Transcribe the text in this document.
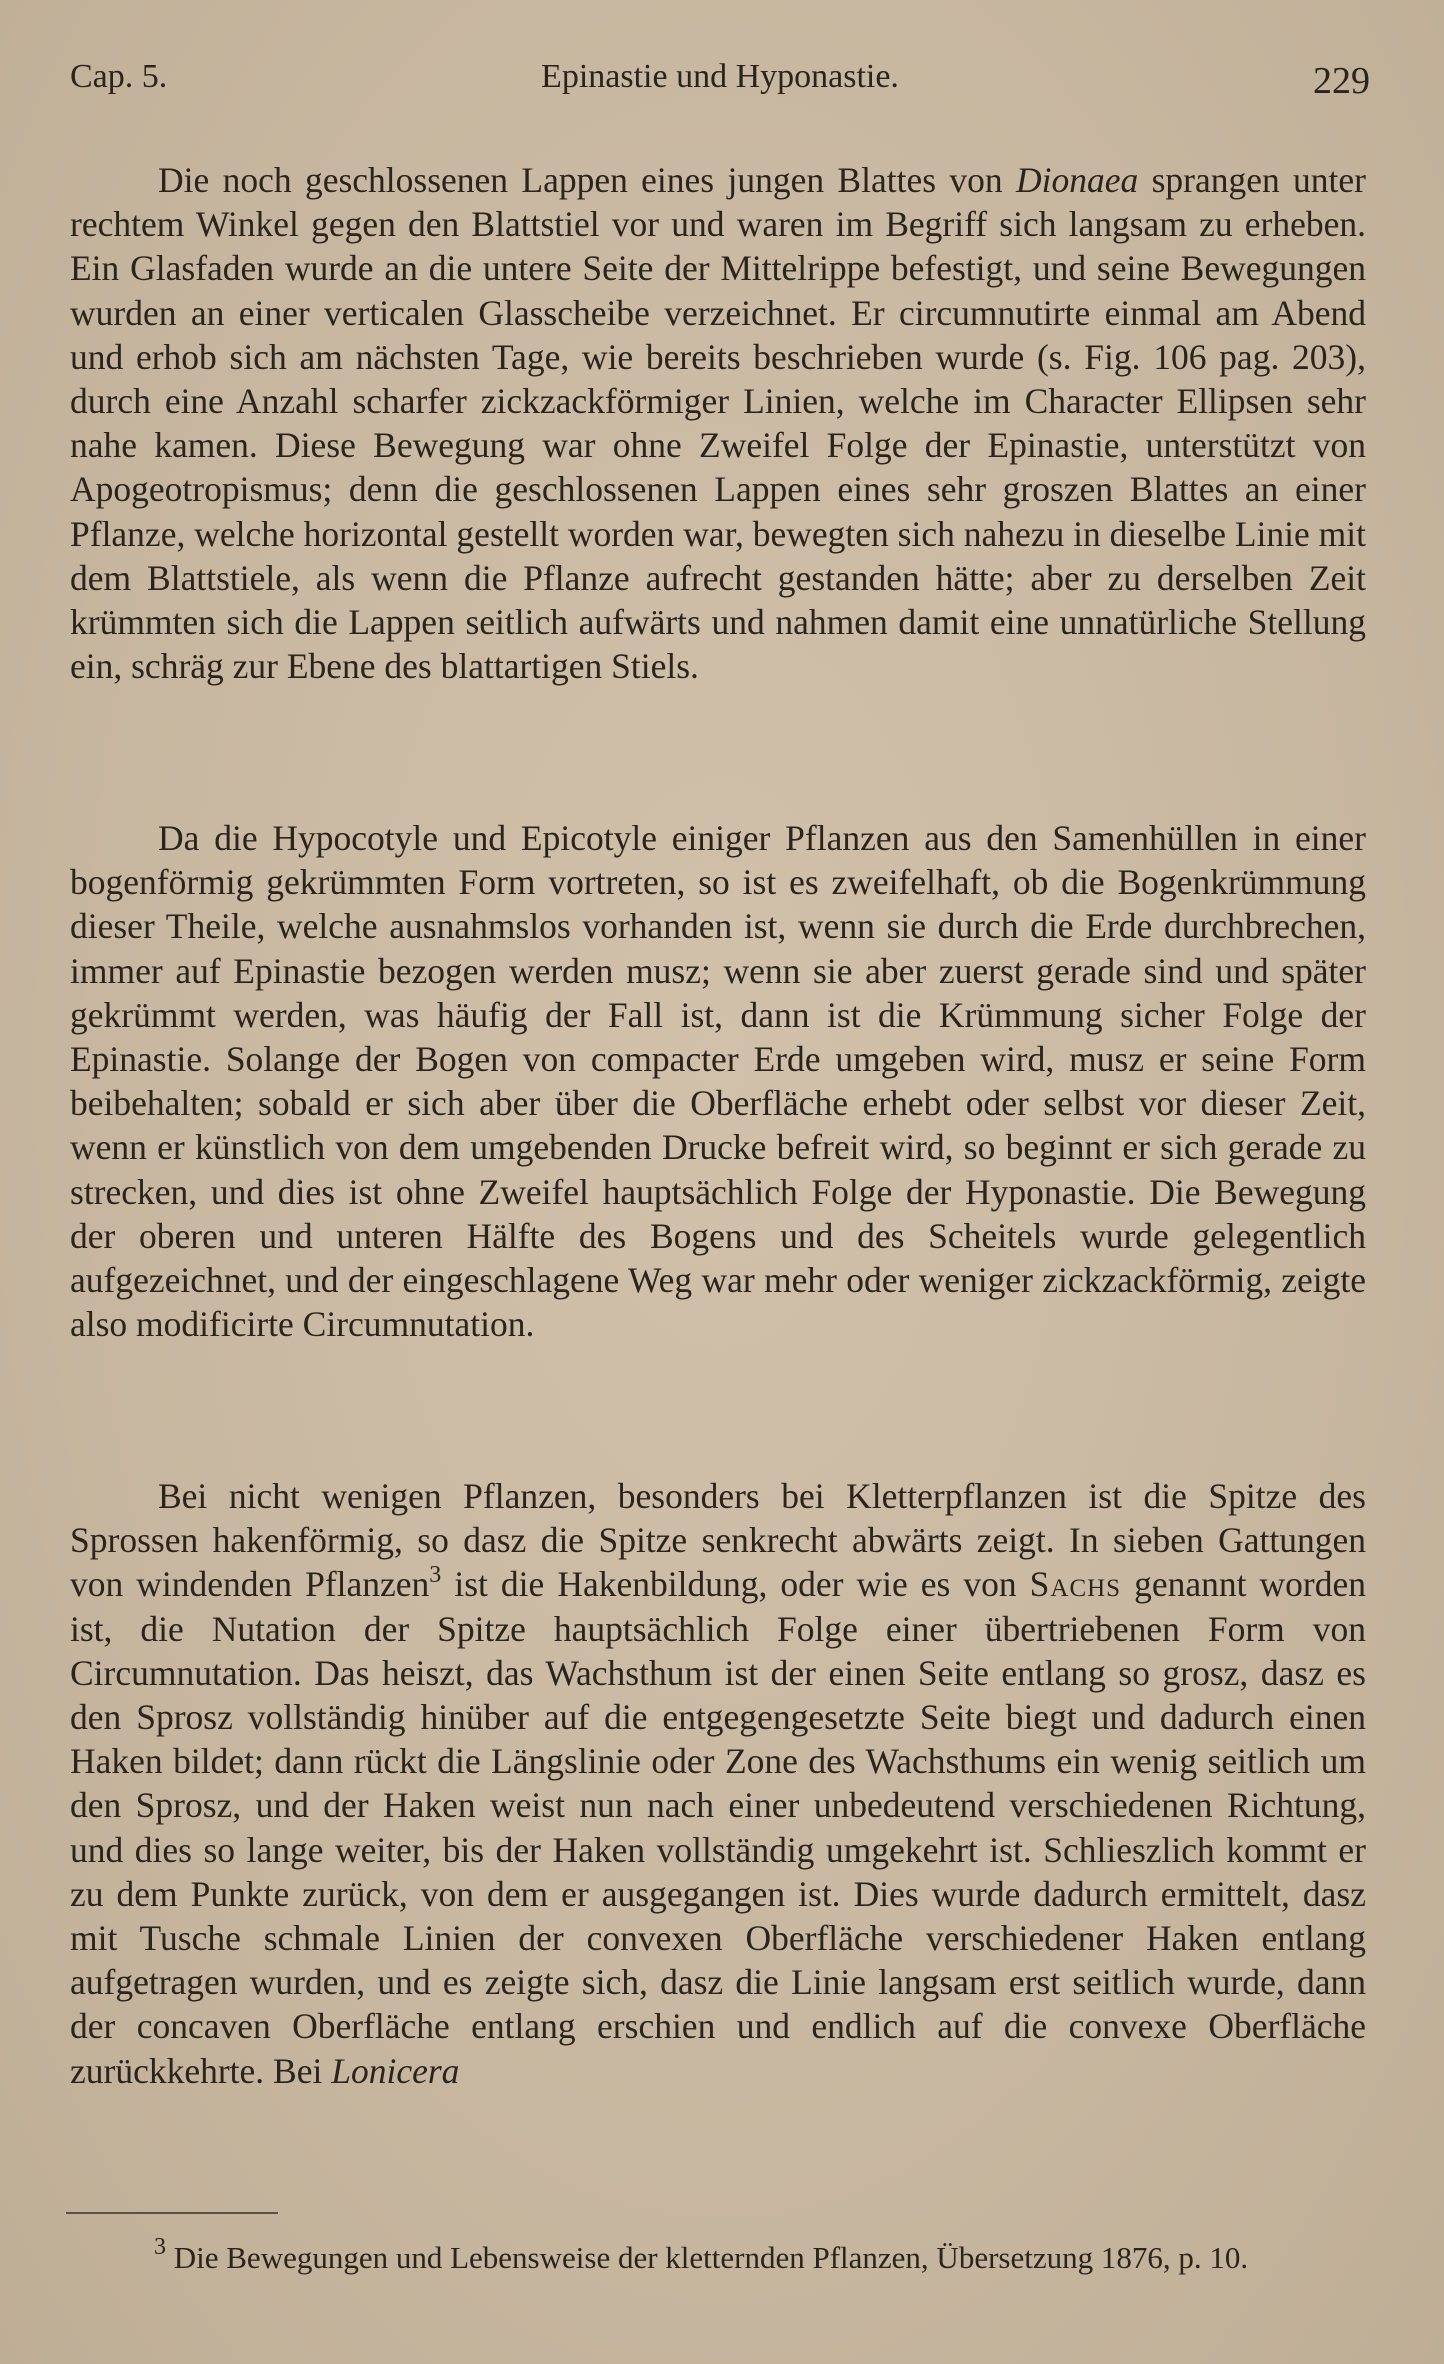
Cap. 5.	Epinastie und Hyponastie.	229

Die noch geschlossenen Lappen eines jungen Blattes von Dionaea sprangen unter rechtem Winkel gegen den Blattstiel vor und waren im Begriff sich langsam zu erheben. Ein Glasfaden wurde an die untere Seite der Mittelrippe befestigt, und seine Bewegungen wurden an einer verticalen Glasscheibe verzeichnet. Er circumnutirte einmal am Abend und erhob sich am nächsten Tage, wie bereits beschrieben wurde (s. Fig. 106 pag. 203), durch eine Anzahl scharfer zickzackförmiger Linien, welche im Character Ellipsen sehr nahe kamen. Diese Bewegung war ohne Zweifel Folge der Epinastie, unterstützt von Apogeotropismus; denn die geschlossenen Lappen eines sehr groszen Blattes an einer Pflanze, welche horizontal gestellt worden war, bewegten sich nahezu in dieselbe Linie mit dem Blattstiele, als wenn die Pflanze aufrecht gestanden hätte; aber zu derselben Zeit krümmten sich die Lappen seitlich aufwärts und nahmen damit eine unnatürliche Stellung ein, schräg zur Ebene des blattartigen Stiels.

Da die Hypocotyle und Epicotyle einiger Pflanzen aus den Samenhüllen in einer bogenförmig gekrümmten Form vortreten, so ist es zweifelhaft, ob die Bogenkrümmung dieser Theile, welche ausnahmslos vorhanden ist, wenn sie durch die Erde durchbrechen, immer auf Epinastie bezogen werden musz; wenn sie aber zuerst gerade sind und später gekrümmt werden, was häufig der Fall ist, dann ist die Krümmung sicher Folge der Epinastie. Solange der Bogen von compacter Erde umgeben wird, musz er seine Form beibehalten; sobald er sich aber über die Oberfläche erhebt oder selbst vor dieser Zeit, wenn er künstlich von dem umgebenden Drucke befreit wird, so beginnt er sich gerade zu strecken, und dies ist ohne Zweifel hauptsächlich Folge der Hyponastie. Die Bewegung der oberen und unteren Hälfte des Bogens und des Scheitels wurde gelegentlich aufgezeichnet, und der eingeschlagene Weg war mehr oder weniger zickzackförmig, zeigte also modificirte Circumnutation.

Bei nicht wenigen Pflanzen, besonders bei Kletterpflanzen ist die Spitze des Sprossen hakenförmig, so dasz die Spitze senkrecht abwärts zeigt. In sieben Gattungen von windenden Pflanzen$^3$ ist die Hakenbildung, oder wie es von Sachs genannt worden ist, die Nutation der Spitze hauptsächlich Folge einer übertriebenen Form von Circumnutation. Das heiszt, das Wachsthum ist der einen Seite entlang so grosz, dasz es den Sprosz vollständig hinüber auf die entgegengesetzte Seite biegt und dadurch einen Haken bildet; dann rückt die Längslinie oder Zone des Wachsthums ein wenig seitlich um den Sprosz, und der Haken weist nun nach einer unbedeutend verschiedenen Richtung, und dies so lange weiter, bis der Haken vollständig umgekehrt ist. Schlieszlich kommt er zu dem Punkte zurück, von dem er ausgegangen ist. Dies wurde dadurch ermittelt, dasz mit Tusche schmale Linien der convexen Oberfläche verschiedener Haken entlang aufgetragen wurden, und es zeigte sich, dasz die Linie langsam erst seitlich wurde, dann der concaven Oberfläche entlang erschien und endlich auf die convexe Oberfläche zurückkehrte. Bei Lonicera

$^3$ Die Bewegungen und Lebensweise der kletternden Pflanzen, Übersetzung 1876, p. 10.
